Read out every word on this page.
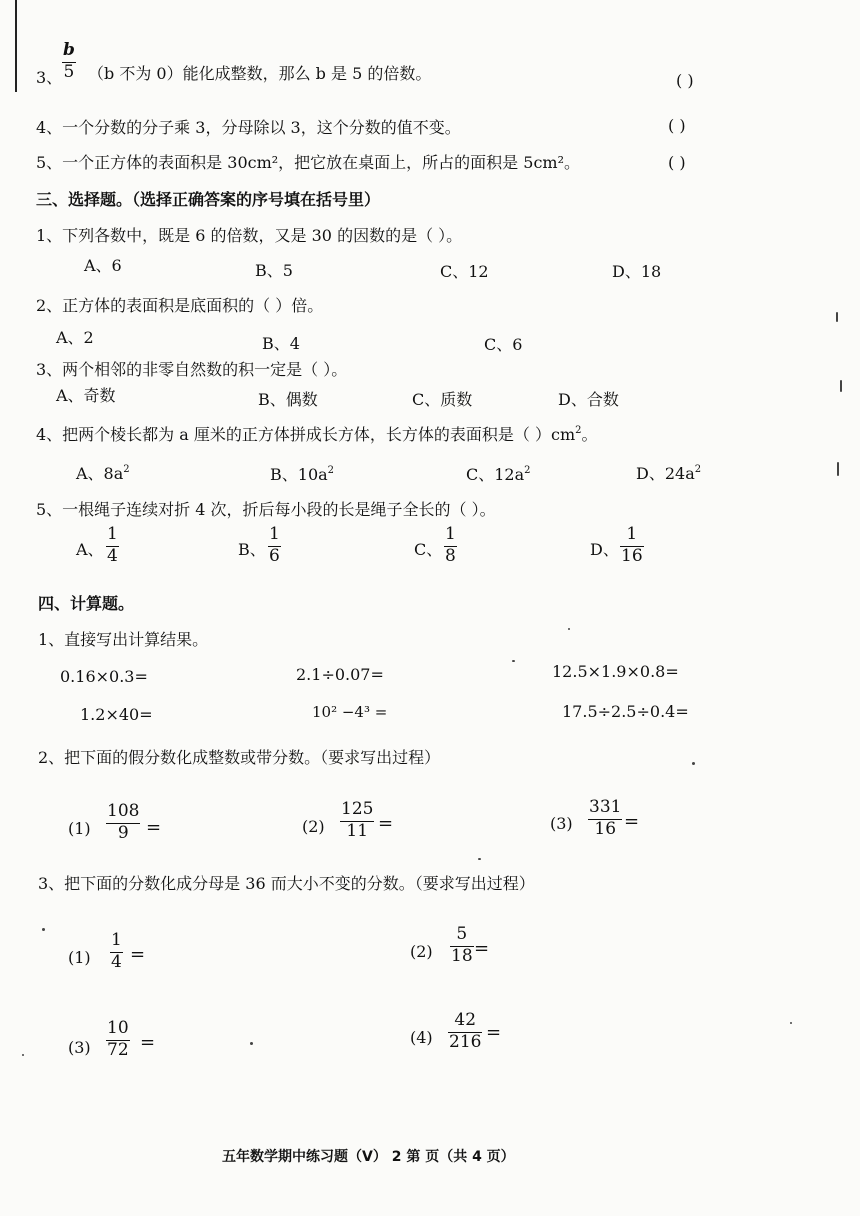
3、
b
5 （b 不为 0）能化成整数，那么 b 是 5 的倍数。	( )
4、一个分数的分子乘 3，分母除以 3，这个分数的值不变。	( )
5、一个正方体的表面积是 30cm²，把它放在桌面上，所占的面积是 5cm²。	( )
三、选择题。（选择正确答案的序号填在括号里）
1、下列各数中，既是 6 的倍数，又是 30 的因数的是（ ）。
A、6	B、5	C、12	D、18
2、正方体的表面积是底面积的（ ）倍。
A、2	B、4	C、6
3、两个相邻的非零自然数的积一定是（ ）。
A、奇数	B、偶数	C、质数	D、合数
4、把两个棱长都为 a 厘米的正方体拼成长方体，长方体的表面积是（ ）$cm^2$。
A、$8a^2$	B、$10a^2$	C、$12a^2$	D、$24a^2$
5、一根绳子连续对折 4 次，折后每小段的长是绳子全长的（ ）。
A、
1
4	B、
1
6	C、
1
8	D、
1
16
四、计算题。
1、直接写出计算结果。
0.16×0.3=	2.1÷0.07=	12.5×1.9×0.8=
1.2×40=	10² −4³ =	17.5÷2.5÷0.4=
2、把下面的假分数化成整数或带分数。（要求写出过程）
(1)
108
9 =	(2)
125
11 =	(3)
331
16 =
3、把下面的分数化成分母是 36 而大小不变的分数。（要求写出过程）
(1)
1
4 =	(2)
5
18 =
(3)
10
72 =	(4)
42
216 =
五年数学期中练习题（V） 2 第 页（共 4 页）
